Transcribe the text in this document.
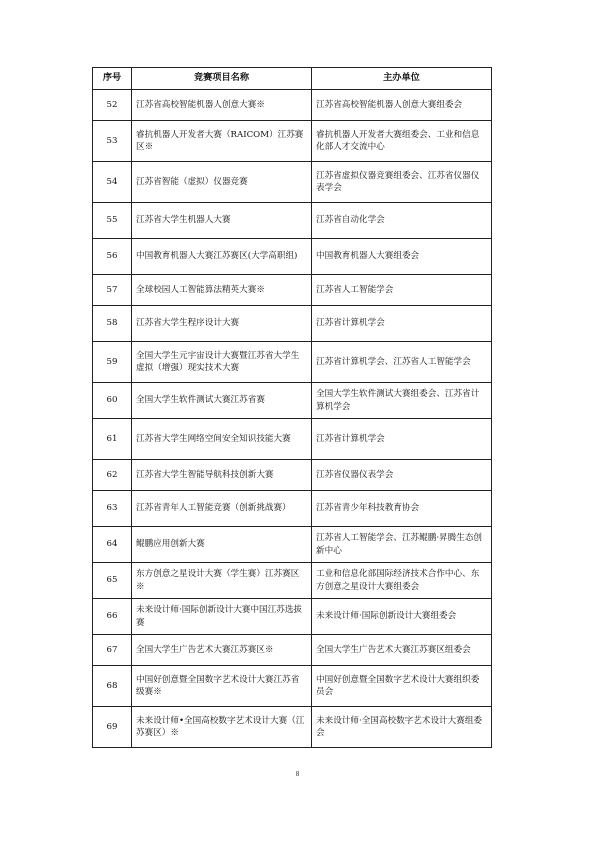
序号	竞赛项目名称	主办单位
52	江苏省高校智能机器人创意大赛※	江苏省高校智能机器人创意大赛组委会
53	睿抗机器人开发者大赛（RAICOM）江苏赛区※	睿抗机器人开发者大赛组委会、工业和信息化部人才交流中心
54	江苏省智能（虚拟）仪器竞赛	江苏省虚拟仪器竞赛组委会、江苏省仪器仪表学会
55	江苏省大学生机器人大赛	江苏省自动化学会
56	中国教育机器人大赛江苏赛区(大学高职组)	中国教育机器人大赛组委会
57	全球校园人工智能算法精英大赛※	江苏省人工智能学会
58	江苏省大学生程序设计大赛	江苏省计算机学会
59	全国大学生元宇宙设计大赛暨江苏省大学生虚拟（增强）现实技术大赛	江苏省计算机学会、江苏省人工智能学会
60	全国大学生软件测试大赛江苏省赛	全国大学生软件测试大赛组委会、江苏省计算机学会
61	江苏省大学生网络空间安全知识技能大赛	江苏省计算机学会
62	江苏省大学生智能导航科技创新大赛	江苏省仪器仪表学会
63	江苏省青年人工智能竞赛（创新挑战赛）	江苏省青少年科技教育协会
64	鲲鹏应用创新大赛	江苏省人工智能学会、江苏鲲鹏·昇腾生态创新中心
65	东方创意之星设计大赛（学生赛）江苏赛区※	工业和信息化部国际经济技术合作中心、东方创意之星设计大赛组委会
66	未来设计师·国际创新设计大赛中国江苏选拔赛	未来设计师·国际创新设计大赛组委会
67	全国大学生广告艺术大赛江苏赛区※	全国大学生广告艺术大赛江苏赛区组委会
68	中国好创意暨全国数字艺术设计大赛江苏省级赛※	中国好创意暨全国数字艺术设计大赛组织委员会
69	未来设计师•全国高校数字艺术设计大赛（江苏赛区）※	未来设计师·全国高校数字艺术设计大赛组委会
8
